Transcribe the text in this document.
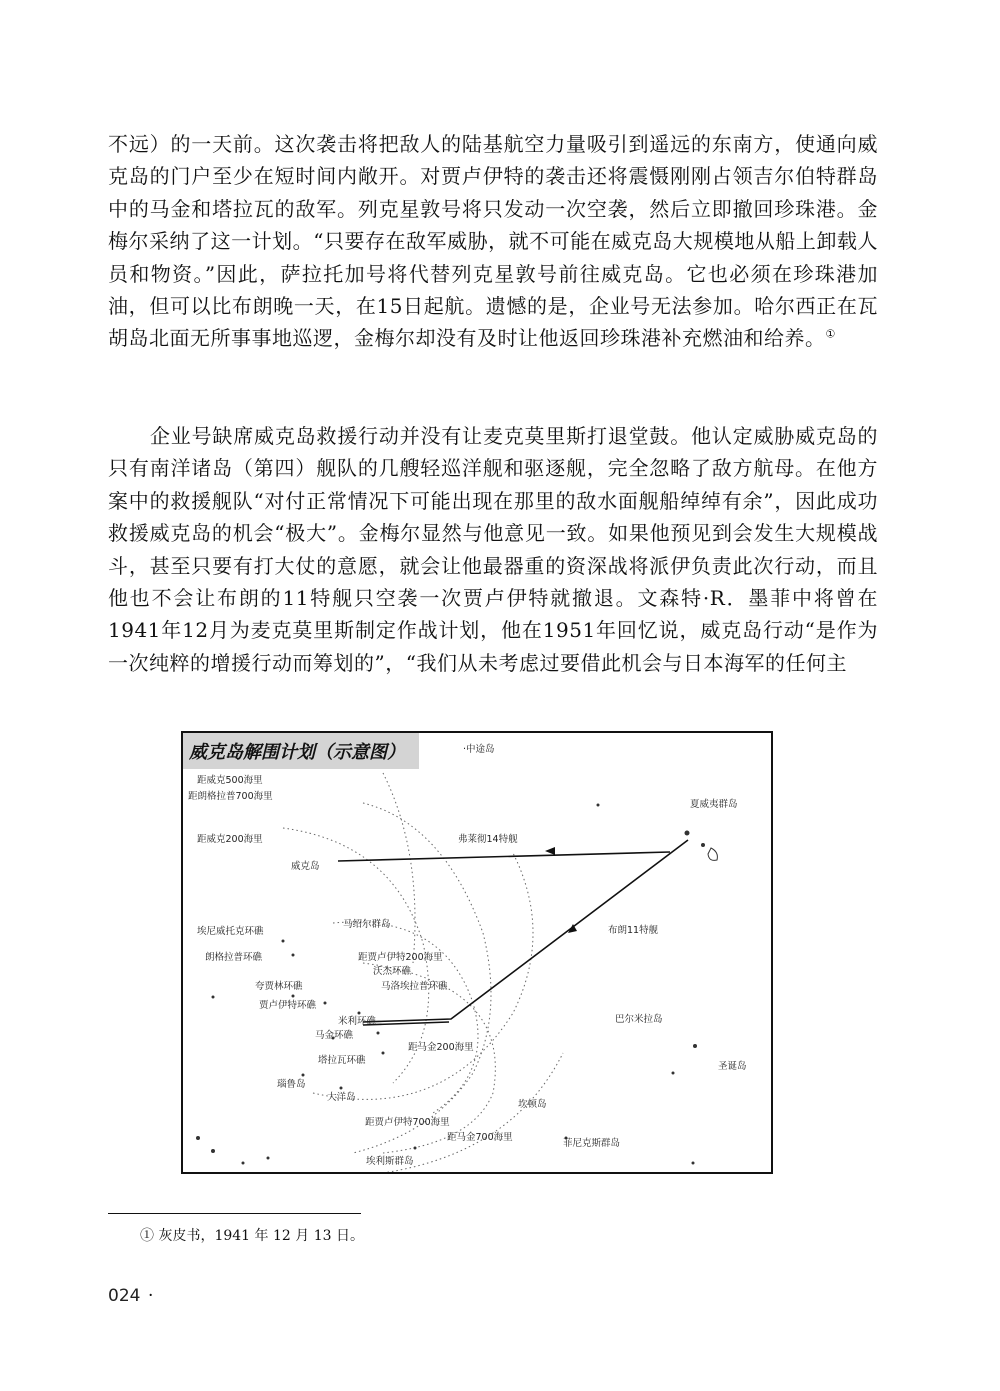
不远）的一天前。这次袭击将把敌人的陆基航空力量吸引到遥远的东南方，使通向威克岛的门户至少在短时间内敞开。对贾卢伊特的袭击还将震慑刚刚占领吉尔伯特群岛中的马金和塔拉瓦的敌军。列克星敦号将只发动一次空袭，然后立即撤回珍珠港。金梅尔采纳了这一计划。“只要存在敌军威胁，就不可能在威克岛大规模地从船上卸载人员和物资。”因此，萨拉托加号将代替列克星敦号前往威克岛。它也必须在珍珠港加油，但可以比布朗晚一天，在15日起航。遗憾的是，企业号无法参加。哈尔西正在瓦胡岛北面无所事事地巡逻，金梅尔却没有及时让他返回珍珠港补充燃油和给养。①

企业号缺席威克岛救援行动并没有让麦克莫里斯打退堂鼓。他认定威胁威克岛的只有南洋诸岛（第四）舰队的几艘轻巡洋舰和驱逐舰，完全忽略了敌方航母。在他方案中的救援舰队“对付正常情况下可能出现在那里的敌水面舰船绰绰有余”，因此成功救援威克岛的机会“极大”。金梅尔显然与他意见一致。如果他预见到会发生大规模战斗，甚至只要有打大仗的意愿，就会让他最器重的资深战将派伊负责此次行动，而且他也不会让布朗的11特舰只空袭一次贾卢伊特就撤退。文森特·R．墨菲中将曾在1941年12月为麦克莫里斯制定作战计划，他在1951年回忆说，威克岛行动“是作为一次纯粹的增援行动而筹划的”，“我们从未考虑过要借此机会与日本海军的任何主

威克岛解围计划（示意图）	·中途岛
距威克500海里
距朗格拉普700海里
夏威夷群岛
距威克200海里	弗莱彻14特舰
威克岛
马绍尔群岛
埃尼威托克环礁	布朗11特舰
朗格拉普环礁	距贾卢伊特200海里
沃杰环礁
夸贾林环礁	马洛埃拉普环礁
贾卢伊特环礁
巴尔米拉岛
米利环礁
马金环礁
距马金200海里
圣诞岛
塔拉瓦环礁
瑙鲁岛
大洋岛
坎顿岛
距贾卢伊特700海里
距马金700海里
菲尼克斯群岛
埃利斯群岛
① 灰皮书，1941 年 12 月 13 日。
024 ·
